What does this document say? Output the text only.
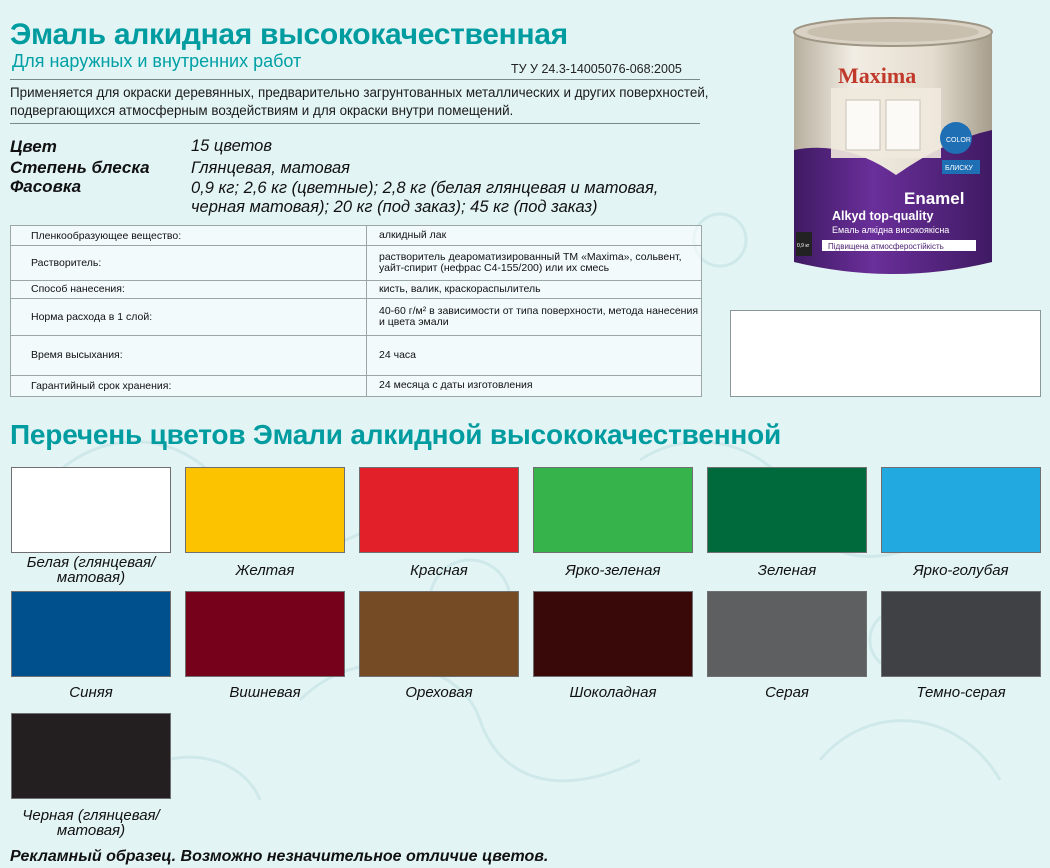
Эмаль алкидная высококачественная
Для наружных и внутренних работ	ТУ У 24.3-14005076-068:2005
Применяется для окраски деревянных, предварительно загрунтованных металлических и других поверхностей, подвергающихся атмосферным воздействиям и для окраски внутри помещений.
Цвет	15 цветов
Степень блеска	Глянцевая, матовая
Фасовка	0,9 кг; 2,6 кг (цветные); 2,8 кг (белая глянцевая и матовая, черная матовая); 20 кг (под заказ); 45 кг (под заказ)
Пленкообразующее вещество:	алкидный лак
Растворитель:	растворитель деароматизированный ТМ «Maxima», сольвент, уайт-спирит (нефрас С4-155/200) или их смесь
Способ нанесения:	кисть, валик, краскораспылитель
Норма расхода в 1 слой:	40-60 г/м² в зависимости от типа поверхности, метода нанесения и цвета эмали
Время высыхания:	24 часа
Гарантийный срок хранения:	24 месяца с даты изготовления
Maxima
COLOR
БЛИСКУ
0,9 кг
Enamel
Alkyd top-quality
Емаль алкідна високоякісна
Підвищена атмосферостійкість
Перечень цветов Эмали алкидной высококачественной
Белая (глянцевая/матовая)	Желтая	Красная	Ярко-зеленая	Зеленая	Ярко-голубая
Синяя	Вишневая	Ореховая	Шоколадная	Серая	Темно-серая
Черная (глянцевая/матовая)
Рекламный образец. Возможно незначительное отличие цветов.
